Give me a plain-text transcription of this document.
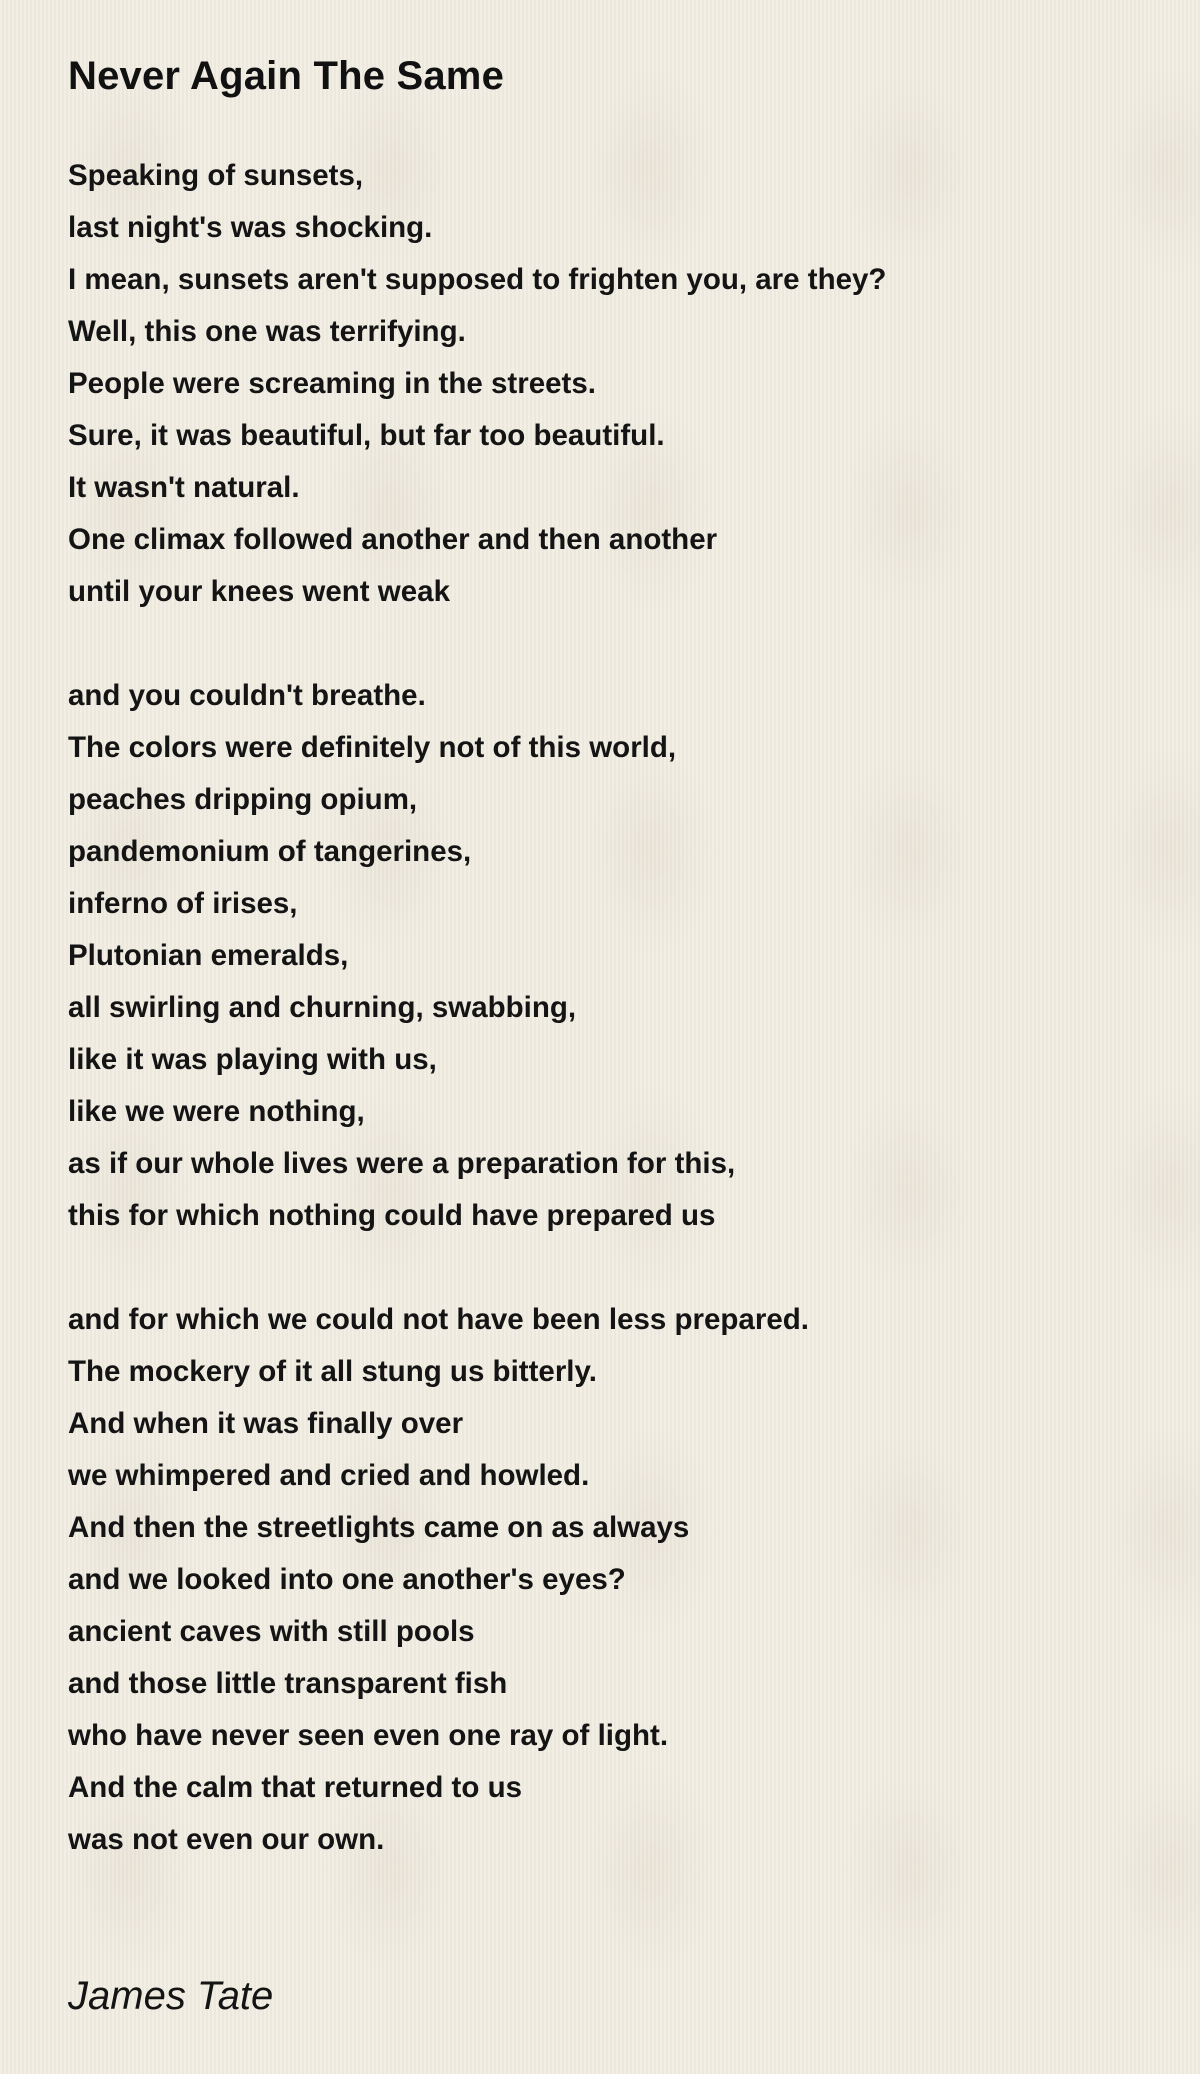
Never Again The Same
Speaking of sunsets,
last night's was shocking.
I mean, sunsets aren't supposed to frighten you, are they?
Well, this one was terrifying.
People were screaming in the streets.
Sure, it was beautiful, but far too beautiful.
It wasn't natural.
One climax followed another and then another
until your knees went weak
and you couldn't breathe.
The colors were definitely not of this world,
peaches dripping opium,
pandemonium of tangerines,
inferno of irises,
Plutonian emeralds,
all swirling and churning, swabbing,
like it was playing with us,
like we were nothing,
as if our whole lives were a preparation for this,
this for which nothing could have prepared us
and for which we could not have been less prepared.
The mockery of it all stung us bitterly.
And when it was finally over
we whimpered and cried and howled.
And then the streetlights came on as always
and we looked into one another's eyes?
ancient caves with still pools
and those little transparent fish
who have never seen even one ray of light.
And the calm that returned to us
was not even our own.

James Tate
